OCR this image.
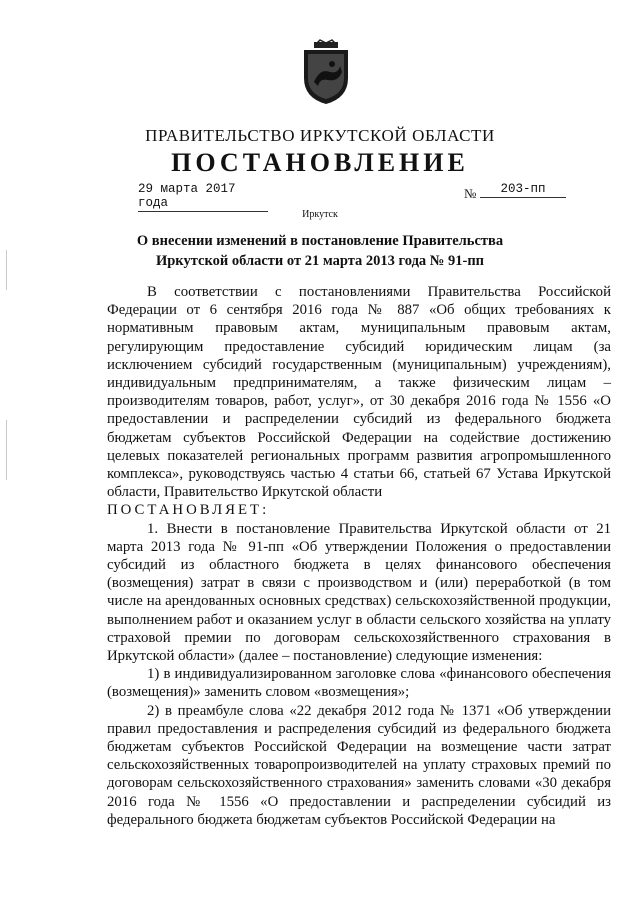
ПРАВИТЕЛЬСТВО ИРКУТСКОЙ ОБЛАСТИ
ПОСТАНОВЛЕНИЕ
29 марта 2017 года
№	203-пп
Иркутск
О внесении изменений в постановление Правительства Иркутской области от 21 марта 2013 года № 91-пп

В соответствии с постановлениями Правительства Российской Федерации от 6 сентября 2016 года № 887 «Об общих требованиях к нормативным правовым актам, муниципальным правовым актам, регулирующим предоставление субсидий юридическим лицам (за исключением субсидий государственным (муниципальным) учреждениям), индивидуальным предпринимателям, а также физическим лицам – производителям товаров, работ, услуг», от 30 декабря 2016 года № 1556 «О предоставлении и распределении субсидий из федерального бюджета бюджетам субъектов Российской Федерации на содействие достижению целевых показателей региональных программ развития агропромышленного комплекса», руководствуясь частью 4 статьи 66, статьей 67 Устава Иркутской области, Правительство Иркутской области

ПОСТАНОВЛЯЕТ:

1. Внести в постановление Правительства Иркутской области от 21 марта 2013 года № 91-пп «Об утверждении Положения о предоставлении субсидий из областного бюджета в целях финансового обеспечения (возмещения) затрат в связи с производством и (или) переработкой (в том числе на арендованных основных средствах) сельскохозяйственной продукции, выполнением работ и оказанием услуг в области сельского хозяйства на уплату страховой премии по договорам сельскохозяйственного страхования в Иркутской области» (далее – постановление) следующие изменения:

1) в индивидуализированном заголовке слова «финансового обеспечения (возмещения)» заменить словом «возмещения»;

2) в преамбуле слова «22 декабря 2012 года № 1371 «Об утверждении правил предоставления и распределения субсидий из федерального бюджета бюджетам субъектов Российской Федерации на возмещение части затрат сельскохозяйственных товаропроизводителей на уплату страховых премий по договорам сельскохозяйственного страхования» заменить словами «30 декабря 2016 года № 1556 «О предоставлении и распределении субсидий из федерального бюджета бюджетам субъектов Российской Федерации на
